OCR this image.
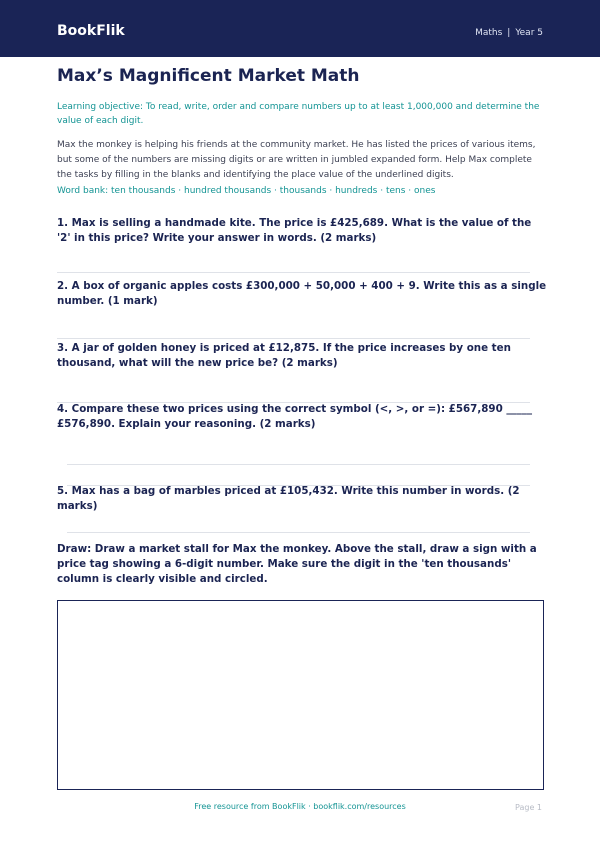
BookFlik	Maths | Year 5
Max’s Magnificent Market Math
Learning objective: To read, write, order and compare numbers up to at least 1,000,000 and determine the value of each digit.
Max the monkey is helping his friends at the community market. He has listed the prices of various items, but some of the numbers are missing digits or are written in jumbled expanded form. Help Max complete the tasks by filling in the blanks and identifying the place value of the underlined digits.
Word bank: ten thousands · hundred thousands · thousands · hundreds · tens · ones
1. Max is selling a handmade kite. The price is £425,689. What is the value of the '2' in this price? Write your answer in words. (2 marks)
2. A box of organic apples costs £300,000 + 50,000 + 400 + 9. Write this as a single number. (1 mark)
3. A jar of golden honey is priced at £12,875. If the price increases by one ten thousand, what will the new price be? (2 marks)
4. Compare these two prices using the correct symbol (<, >, or =): £567,890 _____ £576,890. Explain your reasoning. (2 marks)
5. Max has a bag of marbles priced at £105,432. Write this number in words. (2 marks)
Draw: Draw a market stall for Max the monkey. Above the stall, draw a sign with a price tag showing a 6-digit number. Make sure the digit in the 'ten thousands' column is clearly visible and circled.
Free resource from BookFlik · bookflik.com/resources	Page 1
